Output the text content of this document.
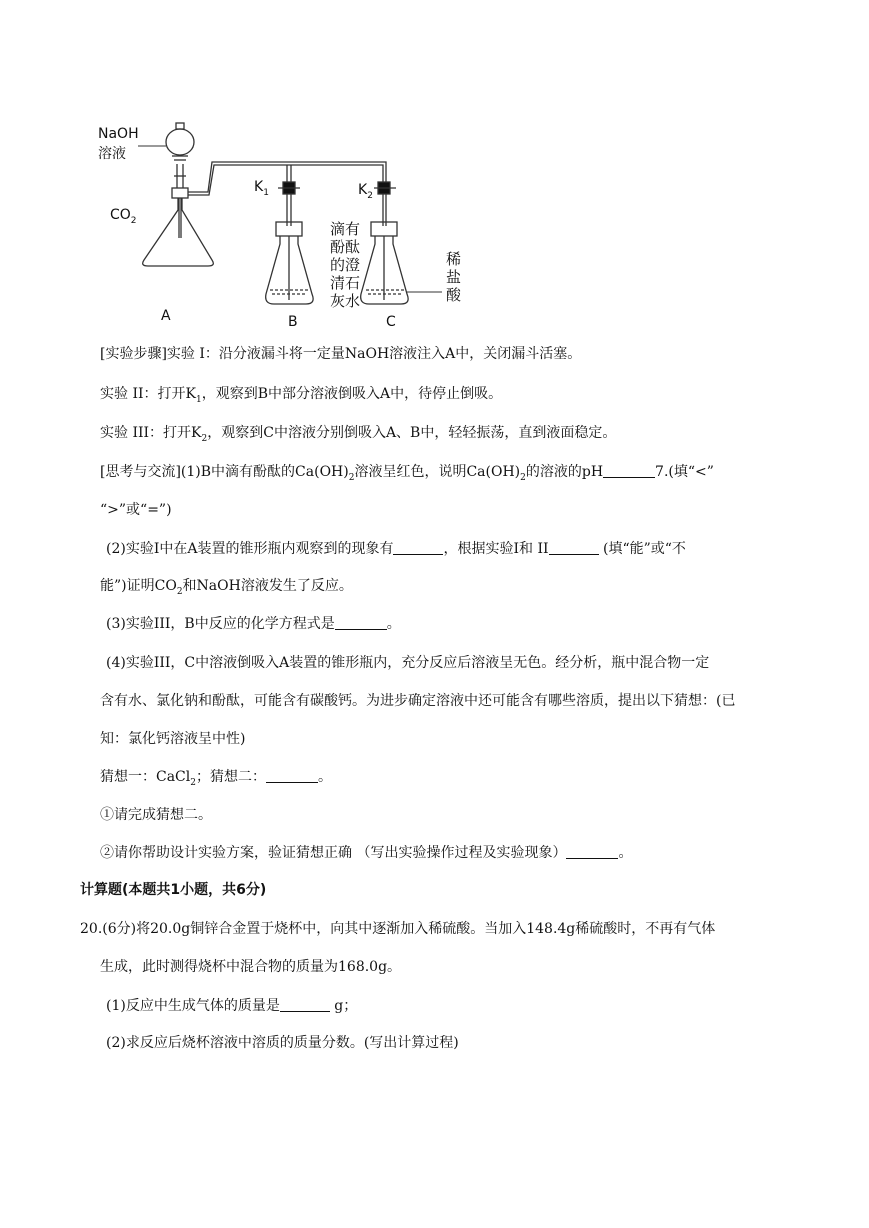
NaOH
溶液
$CO_2$
$K_1$	$K_2$
滴有
酚酞
的澄
清石
灰水
稀
盐
酸
A	B	C
[实验步骤]实验 I：沿分液漏斗将一定量NaOH溶液注入A中，关闭漏斗活塞。
实验 II：打开$K_1$，观察到B中部分溶液倒吸入A中，待停止倒吸。
实验 III：打开$K_2$，观察到C中溶液分别倒吸入A、B中，轻轻振荡，直到液面稳定。
[思考与交流](1)B中滴有酚酞的$Ca(OH)_2$溶液呈红色，说明$Ca(OH)_2$的溶液的pH	7.(填“<”
“>”或“=”)
(2)实验I中在A装置的锥形瓶内观察到的现象有	，根据实验I和 II	(填“能”或“不
能”)证明$CO_2$和NaOH溶液发生了反应。
(3)实验III，B中反应的化学方程式是	。
(4)实验III，C中溶液倒吸入A装置的锥形瓶内，充分反应后溶液呈无色。经分析，瓶中混合物一定
含有水、氯化钠和酚酞，可能含有碳酸钙。为进步确定溶液中还可能含有哪些溶质，提出以下猜想：(已
知：氯化钙溶液呈中性)
猜想一：CaCl$_2$；猜想二：	。
①请完成猜想二。
②请你帮助设计实验方案，验证猜想正确 （写出实验操作过程及实验现象）	。
计算题(本题共1小题，共6分)
20.(6分)将20.0g铜锌合金置于烧杯中，向其中逐渐加入稀硫酸。当加入148.4g稀硫酸时，不再有气体
生成，此时测得烧杯中混合物的质量为168.0g。
(1)反应中生成气体的质量是	g；
(2)求反应后烧杯溶液中溶质的质量分数。(写出计算过程)
